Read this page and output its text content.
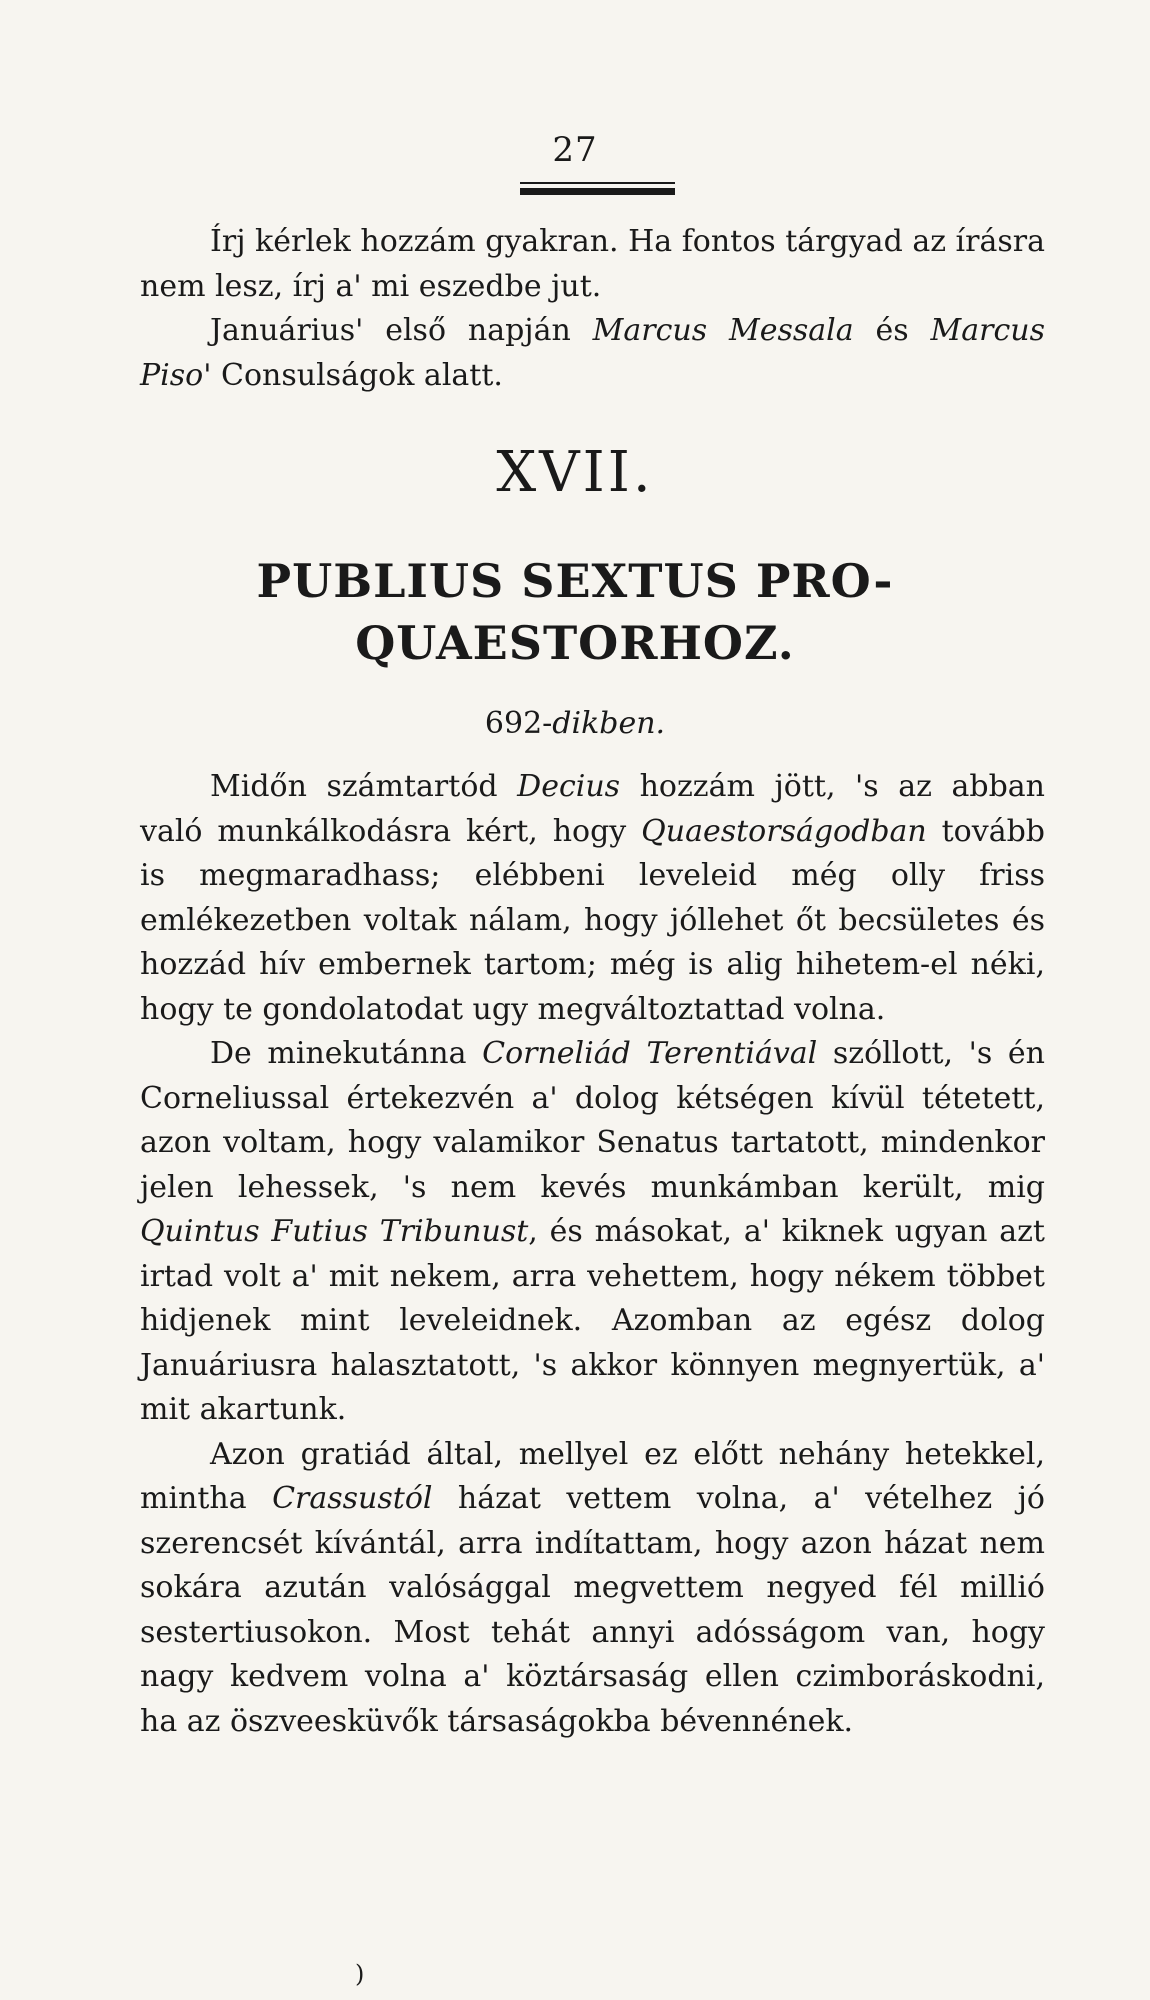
27

Írj kérlek hozzám gyakran. Ha fontos tárgyad az írásra nem lesz, írj a' mi eszedbe jut.

Januárius' első napján Marcus Messala és Marcus Piso' Consulságok alatt.

XVII.
PUBLIUS SEXTUS PRO-
QUAESTORHOZ.
692-dikben.

Midőn számtartód Decius hozzám jött, 's az abban való munkálkodásra kért, hogy Quaestorságodban tovább is megmaradhass; elébbeni leveleid még olly friss emlékezetben voltak nálam, hogy jóllehet őt becsületes és hozzád hív embernek tartom; még is alig hihetem-el néki, hogy te gondolatodat ugy megváltoztattad volna.

De minekutánna Corneliád Terentiával szóllott, 's én Corneliussal értekezvén a' dolog kétségen kívül tétetett, azon voltam, hogy valamikor Senatus tartatott, mindenkor jelen lehessek, 's nem kevés munkámban került, mig Quintus Futius Tribunust, és másokat, a' kiknek ugyan azt irtad volt a' mit nekem, arra vehettem, hogy nékem többet hidjenek mint leveleidnek. Azomban az egész dolog Januáriusra halasztatott, 's akkor könnyen megnyertük, a' mit akartunk.

Azon gratiád által, mellyel ez előtt nehány hetekkel, mintha Crassustól házat vettem volna, a' vételhez jó szerencsét kívántál, arra indítattam, hogy azon házat nem sokára azután valósággal megvettem negyed fél millió sestertiusokon. Most tehát annyi adósságom van, hogy nagy kedvem volna a' köztársaság ellen czimboráskodni, ha az öszveesküvők társaságokba bévennének.

)
